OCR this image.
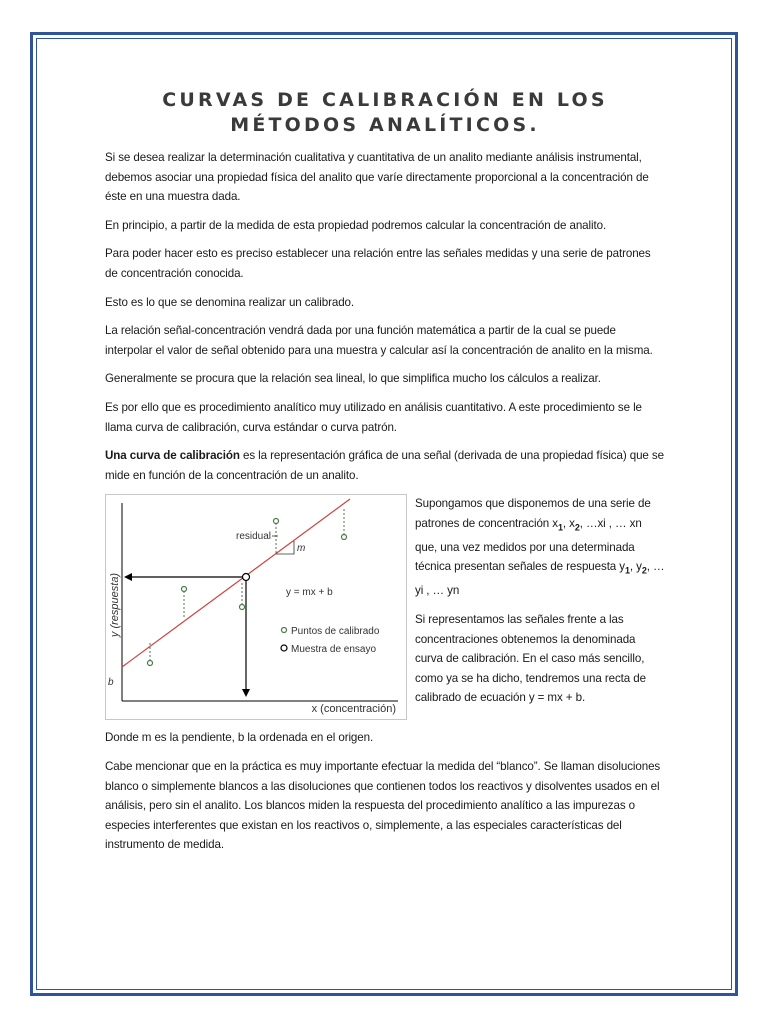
CURVAS DE CALIBRACIÓN EN LOS MÉTODOS ANALÍTICOS.

Si se desea realizar la determinación cualitativa y cuantitativa de un analito mediante análisis instrumental, debemos asociar una propiedad física del analito que varíe directamente proporcional a la concentración de éste en una muestra dada.

En principio, a partir de la medida de esta propiedad podremos calcular la concentración de analito.

Para poder hacer esto es preciso establecer una relación entre las señales medidas y una serie de patrones de concentración conocida.

Esto es lo que se denomina realizar un calibrado.

La relación señal-concentración vendrá dada por una función matemática a partir de la cual se puede interpolar el valor de señal obtenido para una muestra y calcular así la concentración de analito en la misma.

Generalmente se procura que la relación sea lineal, lo que simplifica mucho los cálculos a realizar.

Es por ello que es procedimiento analítico muy utilizado en análisis cuantitativo. A este procedimiento se le llama curva de calibración, curva estándar o curva patrón.

Una curva de calibración es la representación gráfica de una señal (derivada de una propiedad física) que se mide en función de la concentración de un analito.

y (respuesta)
x (concentración)
b
residual
m
y = mx + b
Puntos de calibrado
Muestra de ensayo

Supongamos que disponemos de una serie de patrones de concentración $x_1$, $x_2$, …xi , … xn que, una vez medidos por una determinada técnica presentan señales de respuesta $y_1$, $y_2$, … yi , … yn

Si representamos las señales frente a las concentraciones obtenemos la denominada curva de calibración. En el caso más sencillo, como ya se ha dicho, tendremos una recta de calibrado de ecuación y = mx + b.

Donde m es la pendiente, b la ordenada en el origen.

Cabe mencionar que en la práctica es muy importante efectuar la medida del “blanco”. Se llaman disoluciones blanco o simplemente blancos a las disoluciones que contienen todos los reactivos y disolventes usados en el análisis, pero sin el analito. Los blancos miden la respuesta del procedimiento analítico a las impurezas o especies interferentes que existan en los reactivos o, simplemente, a las especiales características del instrumento de medida.
